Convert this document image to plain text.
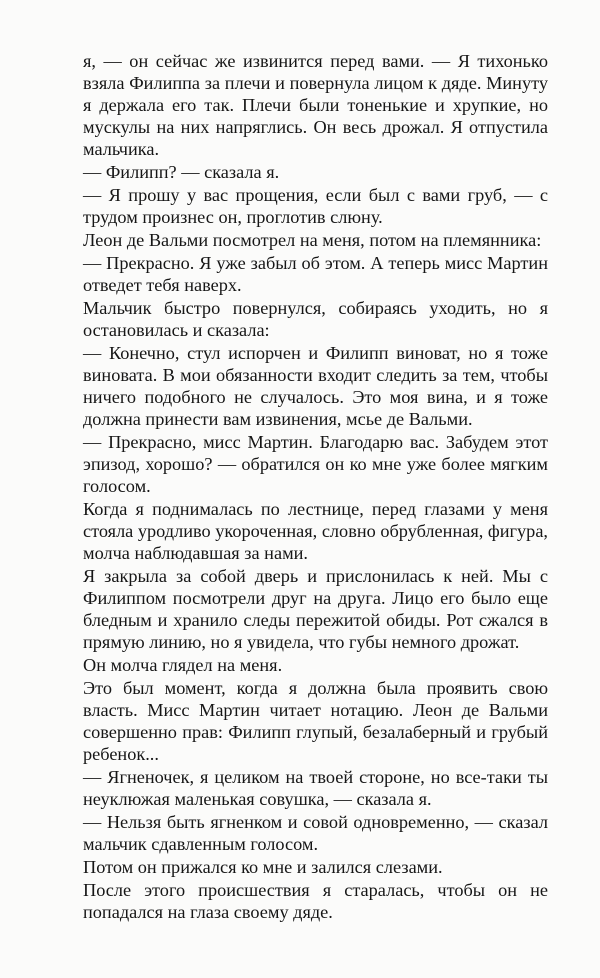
я, — он сейчас же извинится перед вами. — Я тихонько взяла Филиппа за плечи и повернула лицом к дяде. Минуту я держала его так. Плечи были тоненькие и хрупкие, но мускулы на них напряглись. Он весь дрожал. Я отпустила мальчика.

— Филипп? — сказала я.

— Я прошу у вас прощения, если был с вами груб, — с трудом произнес он, проглотив слюну.

Леон де Вальми посмотрел на меня, потом на племянника:

— Прекрасно. Я уже забыл об этом. А теперь мисс Мартин отведет тебя наверх.

Мальчик быстро повернулся, собираясь уходить, но я остановилась и сказала:

— Конечно, стул испорчен и Филипп виноват, но я тоже виновата. В мои обязанности входит следить за тем, чтобы ничего подобного не случалось. Это моя вина, и я тоже должна принести вам извинения, мсье де Вальми.

— Прекрасно, мисс Мартин. Благодарю вас. Забудем этот эпизод, хорошо? — обратился он ко мне уже более мягким голосом.

Когда я поднималась по лестнице, перед глазами у меня стояла уродливо укороченная, словно обрубленная, фигура, молча наблюдавшая за нами.

Я закрыла за собой дверь и прислонилась к ней. Мы с Филиппом посмотрели друг на друга. Лицо его было еще бледным и хранило следы пережитой обиды. Рот сжался в прямую линию, но я увидела, что губы немного дрожат.

Он молча глядел на меня.

Это был момент, когда я должна была проявить свою власть. Мисс Мартин читает нотацию. Леон де Вальми совершенно прав: Филипп глупый, безалаберный и грубый ребенок...

— Ягненочек, я целиком на твоей стороне, но все-таки ты неуклюжая маленькая совушка, — сказала я.

— Нельзя быть ягненком и совой одновременно, — сказал мальчик сдавленным голосом.

Потом он прижался ко мне и залился слезами.

После этого происшествия я старалась, чтобы он не попадался на глаза своему дяде.
